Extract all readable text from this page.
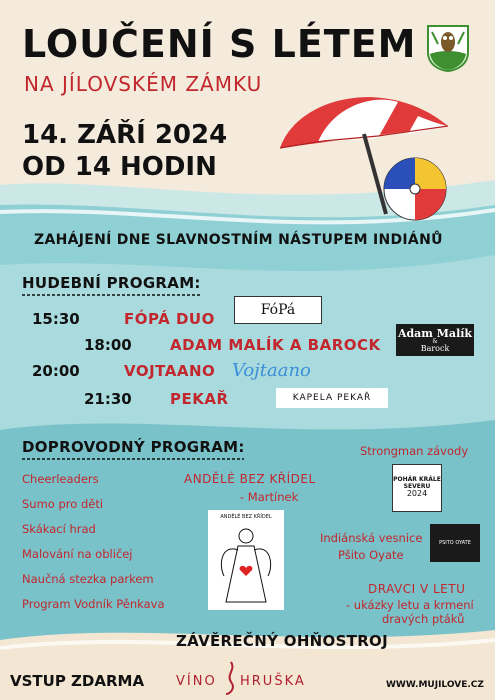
LOUČENÍ S LÉTEM
NA JÍLOVSKÉM ZÁMKU
14. ZÁŘÍ 2024
OD 14 HODIN
ZAHÁJENÍ DNE SLAVNOSTNÍM NÁSTUPEM INDIÁNŮ
HUDEBNÍ PROGRAM:
15:30	FÓPÁ DUO
18:00	ADAM MALÍK A BAROCK
20:00	VOJTAANO
21:30	PEKAŘ
FóPá
Adam Malík
&
Barock
Vojtaano
KAPELA PEKAŘ
DOPROVODNÝ PROGRAM:
Cheerleaders
Sumo pro děti
Skákací hrad
Malování na obličej
Naučná stezka parkem
Program Vodník Pěnkava
ANDĚLÉ BEZ KŘÍDEL
- Martínek
ANDĚLÉ BEZ KŘÍDEL
Strongman závody
POHÁR KRÁLE
SEVERU
2024
Indiánská vesnice
Pšito Oyate
PSITO OYATE
DRAVCI V LETU
- ukázky letu a krmení
dravých ptáků
ZÁVĚREČNÝ OHŇOSTROJ
VSTUP ZDARMA VÍNO HRUŠKA	WWW.MUJILOVE.CZ
